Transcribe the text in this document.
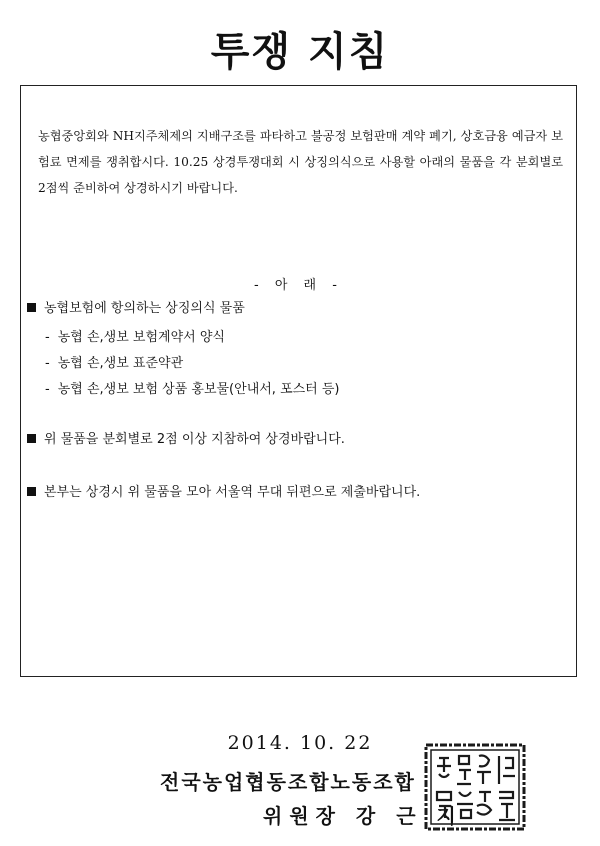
투쟁 지침
농협중앙회와 NH지주체제의 지배구조를 파타하고 불공정 보험판매 계약 폐기, 상호금융 예금자 보험료 면제를 쟁취합시다. 10.25 상경투쟁대회 시 상징의식으로 사용할 아래의 물품을 각 분회별로 2점씩 준비하여 상경하시기 바랍니다.
- 아 래 -
농협보험에 항의하는 상징의식 물품
- 농협 손,생보 보험계약서 양식
- 농협 손,생보 표준약관
- 농협 손,생보 보험 상품 홍보물(안내서, 포스터 등)
위 물품을 분회별로 2점 이상 지참하여 상경바랍니다.
본부는 상경시 위 물품을 모아 서울역 무대 뒤편으로 제출바랍니다.
2014. 10. 22
전국농업협동조합노동조합
위원장 강 근 지
